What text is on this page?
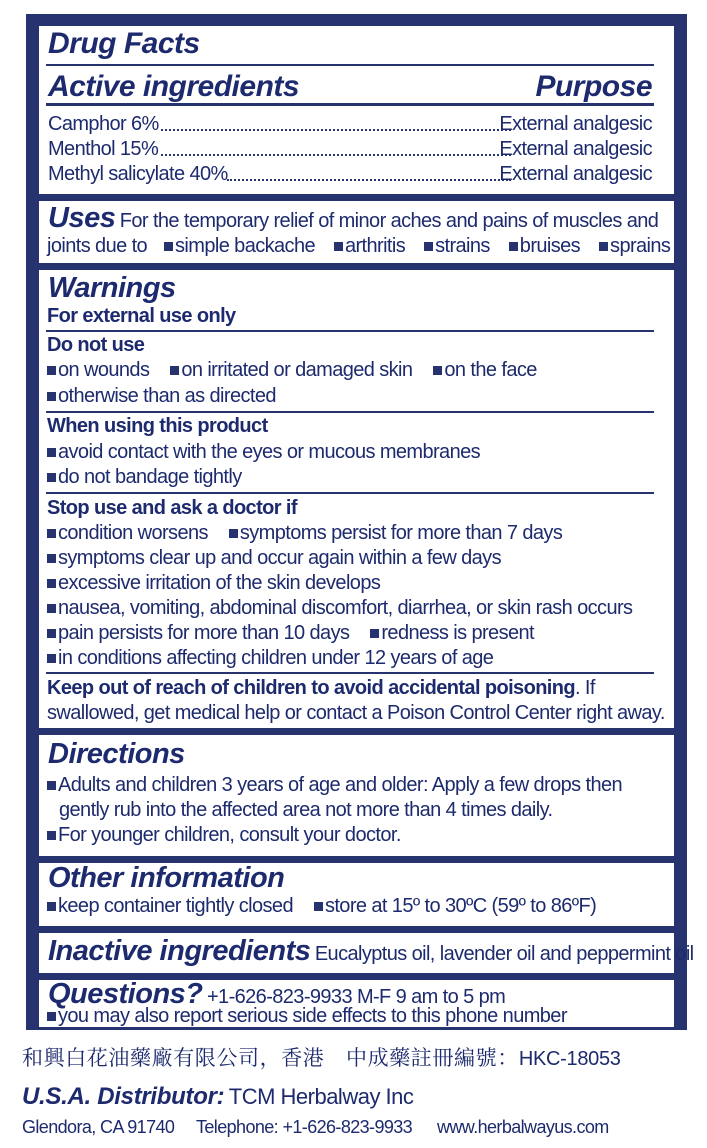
Drug Facts
Active ingredients	Purpose
Camphor 6%	External analgesic
Menthol 15%	External analgesic
Methyl salicylate 40%	External analgesic
Uses For the temporary relief of minor aches and pains of muscles and
joints due to simple backache arthritis strains bruises sprains
Warnings
For external use only
Do not use
on wounds on irritated or damaged skin on the face
otherwise than as directed
When using this product
avoid contact with the eyes or mucous membranes
do not bandage tightly
Stop use and ask a doctor if
condition worsens symptoms persist for more than 7 days
symptoms clear up and occur again within a few days
excessive irritation of the skin develops
nausea, vomiting, abdominal discomfort, diarrhea, or skin rash occurs
pain persists for more than 10 days redness is present
in conditions affecting children under 12 years of age
Keep out of reach of children to avoid accidental poisoning. If
swallowed, get medical help or contact a Poison Control Center right away.
Directions
Adults and children 3 years of age and older: Apply a few drops then
gently rub into the affected area not more than 4 times daily.
For younger children, consult your doctor.
Other information
keep container tightly closed store at 15º to 30ºC (59º to 86ºF)
Inactive ingredients Eucalyptus oil, lavender oil and peppermint oil
Questions? +1-626-823-9933 M-F 9 am to 5 pm
you may also report serious side effects to this phone number
和興白花油藥廠有限公司，香港　中成藥註冊編號：HKC-18053
U.S.A. Distributor: TCM Herbalway Inc
Glendora, CA 91740 Telephone: +1-626-823-9933 www.herbalwayus.com
